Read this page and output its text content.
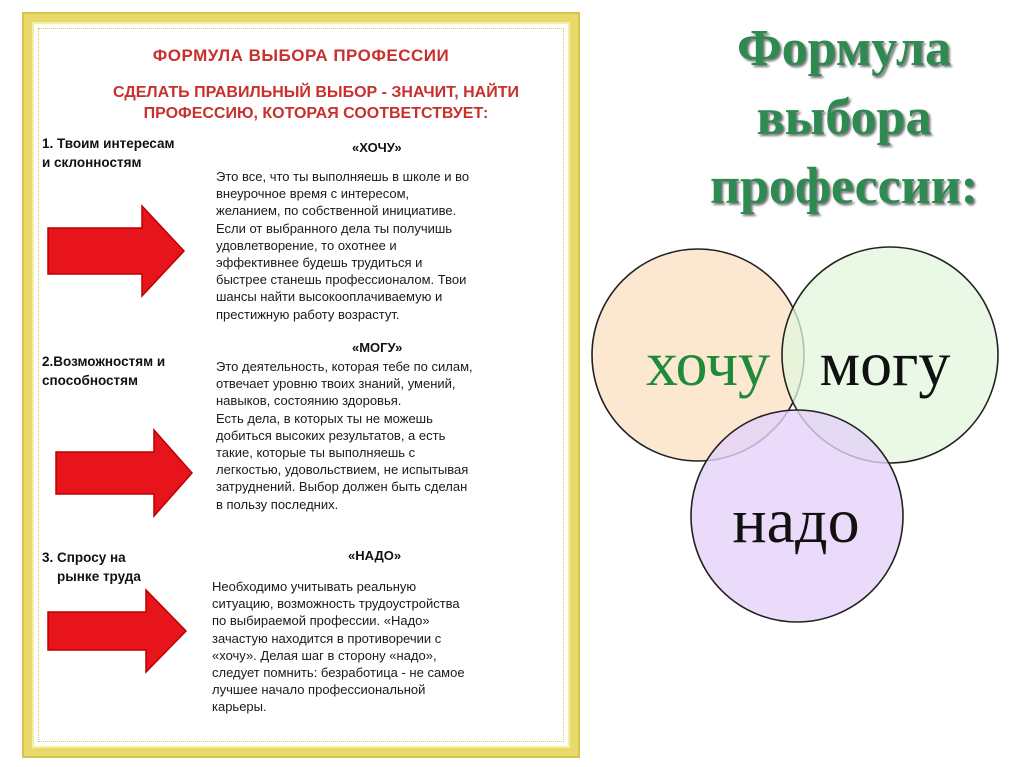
ФОРМУЛА ВЫБОРА ПРОФЕССИИ
СДЕЛАТЬ ПРАВИЛЬНЫЙ ВЫБОР - ЗНАЧИТ, НАЙТИ
ПРОФЕССИЮ, КОТОРАЯ СООТВЕТСТВУЕТ:
1. Твоим интересам
и склонностям
«ХОЧУ»
Это все, что ты выполняешь в школе и во
внеурочное время с интересом,
желанием, по собственной инициативе.
Если от выбранного дела ты получишь
удовлетворение, то охотнее и
эффективнее будешь трудиться и
быстрее станешь профессионалом. Твои
шансы найти высокооплачиваемую и
престижную работу возрастут.
2.Возможностям и
способностям
«МОГУ»
Это деятельность, которая тебе по силам,
отвечает уровню твоих знаний, умений,
навыков, состоянию здоровья.
Есть дела, в которых ты не можешь
добиться высоких результатов, а есть
такие, которые ты выполняешь с
легкостью, удовольствием, не испытывая
затруднений. Выбор должен быть сделан
в пользу последних.
3. Спросу на
рынке труда
«НАДО»
Необходимо учитывать реальную
ситуацию, возможность трудоустройства
по выбираемой профессии. «Надо»
зачастую находится в противоречии с
«хочу». Делая шаг в сторону «надо»,
следует помнить: безработица - не самое
лучшее начало профессиональной
карьеры.
Формула
выбора
профессии:
хочу могу
надо
